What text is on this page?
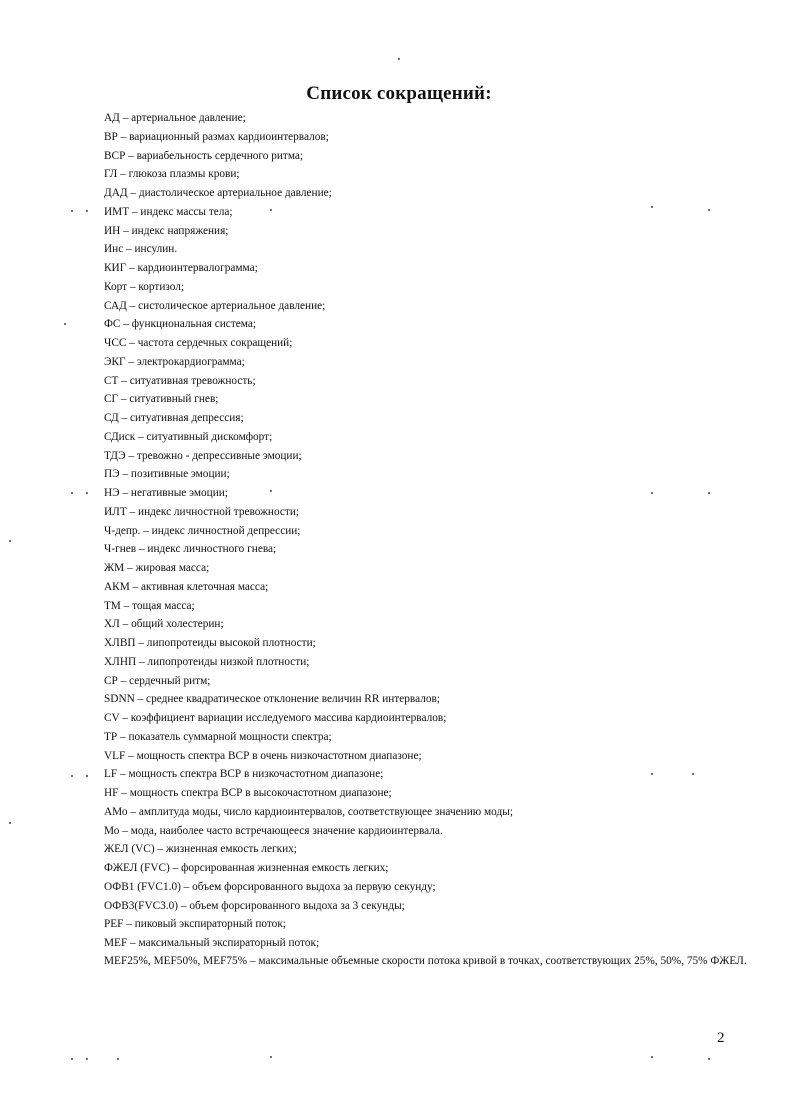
Список сокращений:
АД – артериальное давление;
ВР – вариационный размах кардиоинтервалов;
ВСР – вариабельность сердечного ритма;
ГЛ – глюкоза плазмы крови;
ДАД – диастолическое артериальное давление;
ИМТ – индекс массы тела;
ИН – индекс напряжения;
Инс – инсулин.
КИГ – кардиоинтервалограмма;
Корт – кортизол;
САД – систолическое артериальное давление;
ФС – функциональная система;
ЧСС – частота сердечных сокращений;
ЭКГ – электрокардиограмма;
СТ – ситуативная тревожность;
СГ – ситуативный гнев;
СД – ситуативная депрессия;
СДиск – ситуативный дискомфорт;
ТДЭ – тревожно - депрессивные эмоции;
ПЭ – позитивные эмоции;
НЭ – негативные эмоции;
ИЛТ – индекс личностной тревожности;
Ч-депр. – индекс личностной депрессии;
Ч-гнев – индекс личностного гнева;
ЖМ – жировая масса;
АКМ – активная клеточная масса;
ТМ – тощая масса;
ХЛ – общий холестерин;
ХЛВП – липопротеиды высокой плотности;
ХЛНП – липопротеиды низкой плотности;
СР – сердечный ритм;
SDNN – среднее квадратическое отклонение величин RR интервалов;
CV – коэффициент вариации исследуемого массива кардиоинтервалов;
ТР – показатель суммарной мощности спектра;
VLF – мощность спектра ВСР в очень низкочастотном диапазоне;
LF – мощность спектра ВСР в низкочастотном диапазоне;
HF – мощность спектра ВСР в высокочастотном диапазоне;
АМо – амплитуда моды, число кардиоинтервалов, соответствующее значению моды;
Мо – мода, наиболее часто встречающееся значение кардиоинтервала.
ЖЕЛ (VC) – жизненная емкость легких;
ФЖЕЛ (FVC) – форсированная жизненная емкость легких;
ОФВ1 (FVC1.0) – объем форсированного выдоха за первую секунду;
ОФВ3(FVC3.0) – объем форсированного выдоха за 3 секунды;
PEF – пиковый экспираторный поток;
MEF – максимальный экспираторный поток;
MEF25%, MEF50%, MEF75% – максимальные объемные скорости потока кривой в точках, соответствующих 25%, 50%, 75% ФЖЕЛ.
2
